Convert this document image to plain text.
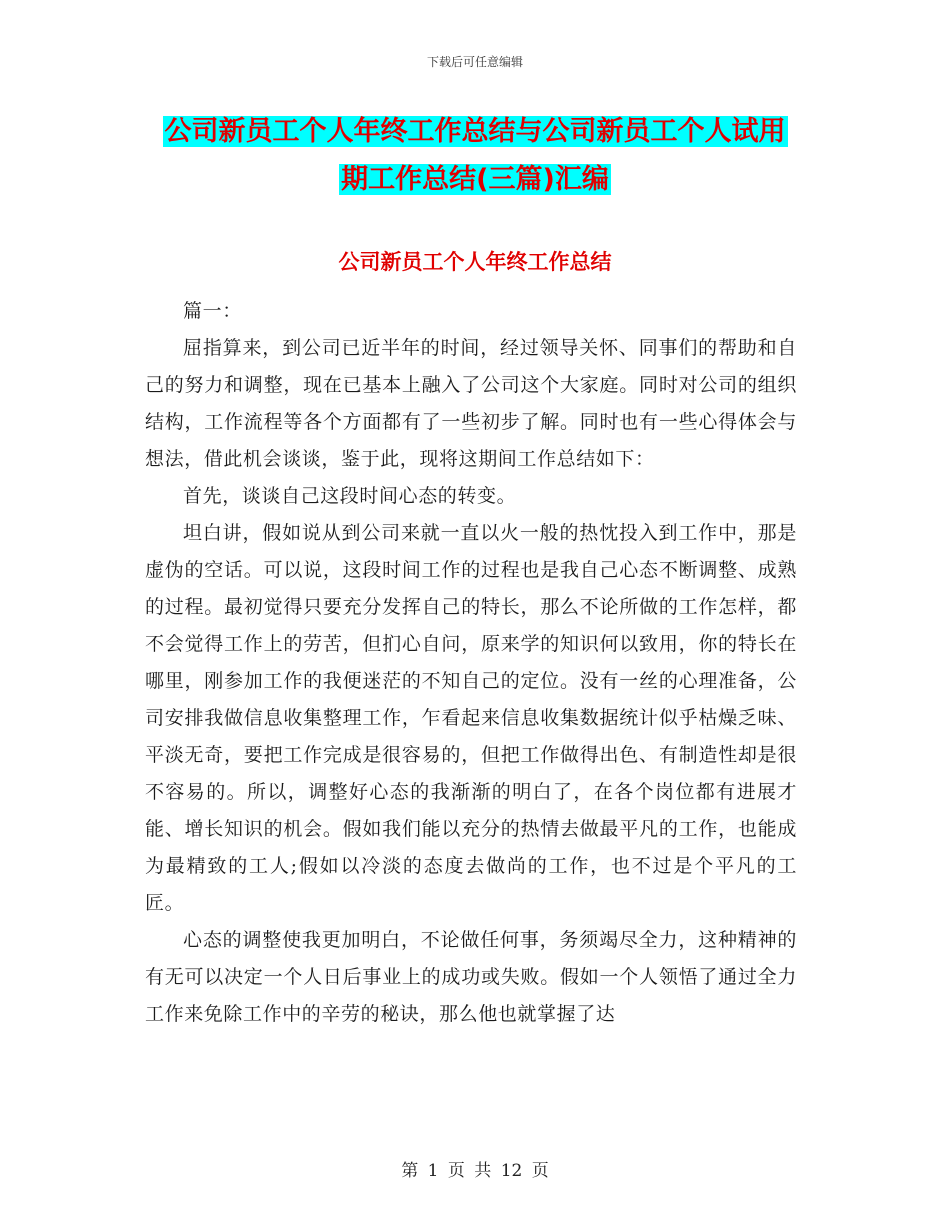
下载后可任意编辑
公司新员工个人年终工作总结与公司新员工个人试用
期工作总结(三篇)汇编
公司新员工个人年终工作总结

篇一：

屈指算来，到公司已近半年的时间，经过领导关怀、同事们的帮助和自己的努力和调整，现在已基本上融入了公司这个大家庭。同时对公司的组织结构，工作流程等各个方面都有了一些初步了解。同时也有一些心得体会与想法，借此机会谈谈，鉴于此，现将这期间工作总结如下：

首先，谈谈自己这段时间心态的转变。

坦白讲，假如说从到公司来就一直以火一般的热忱投入到工作中，那是虚伪的空话。可以说，这段时间工作的过程也是我自己心态不断调整、成熟的过程。最初觉得只要充分发挥自己的特长，那么不论所做的工作怎样，都不会觉得工作上的劳苦，但扪心自问，原来学的知识何以致用，你的特长在哪里，刚参加工作的我便迷茫的不知自己的定位。没有一丝的心理准备，公司安排我做信息收集整理工作，乍看起来信息收集数据统计似乎枯燥乏味、平淡无奇，要把工作完成是很容易的，但把工作做得出色、有制造性却是很不容易的。所以，调整好心态的我渐渐的明白了，在各个岗位都有进展才能、增长知识的机会。假如我们能以充分的热情去做最平凡的工作，也能成为最精致的工人;假如以冷淡的态度去做尚的工作，也不过是个平凡的工匠。

心态的调整使我更加明白，不论做任何事，务须竭尽全力，这种精神的有无可以决定一个人日后事业上的成功或失败。假如一个人领悟了通过全力工作来免除工作中的辛劳的秘诀，那么他也就掌握了达

第 1 页 共 12 页
